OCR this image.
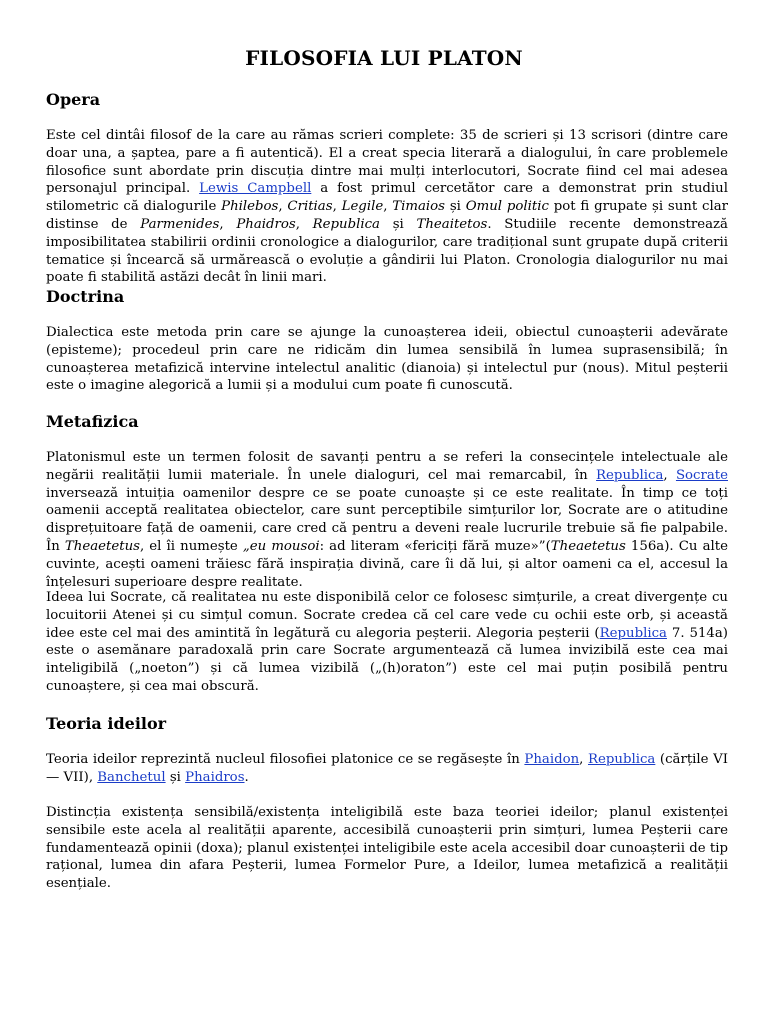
FILOSOFIA LUI PLATON
Opera

Este cel dintâi filosof de la care au rămas scrieri complete: 35 de scrieri și 13 scrisori (dintre care doar una, a șaptea, pare a fi autentică). El a creat specia literară a dialogului, în care problemele filosofice sunt abordate prin discuția dintre mai mulți interlocutori, Socrate fiind cel mai adesea personajul principal. Lewis Campbell a fost primul cercetător care a demonstrat prin studiul stilometric că dialogurile Philebos, Critias, Legile, Timaios și Omul politic pot fi grupate și sunt clar distinse de Parmenides, Phaidros, Republica și Theaitetos. Studiile recente demonstrează imposibilitatea stabilirii ordinii cronologice a dialogurilor, care tradițional sunt grupate după criterii tematice și încearcă să urmărească o evoluție a gândirii lui Platon. Cronologia dialogurilor nu mai poate fi stabilită astăzi decât în linii mari.

Doctrina

Dialectica este metoda prin care se ajunge la cunoașterea ideii, obiectul cunoașterii adevărate (episteme); procedeul prin care ne ridicăm din lumea sensibilă în lumea suprasensibilă; în cunoașterea metafizică intervine intelectul analitic (dianoia) și intelectul pur (nous). Mitul peșterii este o imagine alegorică a lumii și a modului cum poate fi cunoscută.

Metafizica

Platonismul este un termen folosit de savanți pentru a se referi la consecințele intelectuale ale negării realității lumii materiale. În unele dialoguri, cel mai remarcabil, în Republica, Socrate inversează intuiția oamenilor despre ce se poate cunoaște și ce este realitate. În timp ce toți oamenii acceptă realitatea obiectelor, care sunt perceptibile simțurilor lor, Socrate are o atitudine disprețuitoare față de oamenii, care cred că pentru a deveni reale lucrurile trebuie să fie palpabile. În Theaetetus, el îi numește „eu mousoi: ad literam «fericiți fără muze»”(Theaetetus 156a). Cu alte cuvinte, acești oameni trăiesc fără inspirația divină, care îi dă lui, și altor oameni ca el, accesul la înțelesuri superioare despre realitate.

Ideea lui Socrate, că realitatea nu este disponibilă celor ce folosesc simțurile, a creat divergențe cu locuitorii Atenei și cu simțul comun. Socrate credea că cel care vede cu ochii este orb, și această idee este cel mai des amintită în legătură cu alegoria peșterii. Alegoria peșterii (Republica 7. 514a) este o asemănare paradoxală prin care Socrate argumentează că lumea invizibilă este cea mai inteligibilă („noeton”) și că lumea vizibilă („(h)oraton”) este cel mai puțin posibilă pentru cunoaștere, și cea mai obscură.

Teoria ideilor

Teoria ideilor reprezintă nucleul filosofiei platonice ce se regăsește în Phaidon, Republica (cărțile VI — VII), Banchetul și Phaidros.

Distincția existența sensibilă/existența inteligibilă este baza teoriei ideilor; planul existenței sensibile este acela al realității aparente, accesibilă cunoașterii prin simțuri, lumea Peșterii care fundamentează opinii (doxa); planul existenței inteligibile este acela accesibil doar cunoașterii de tip rațional, lumea din afara Peșterii, lumea Formelor Pure, a Ideilor, lumea metafizică a realității esențiale.
